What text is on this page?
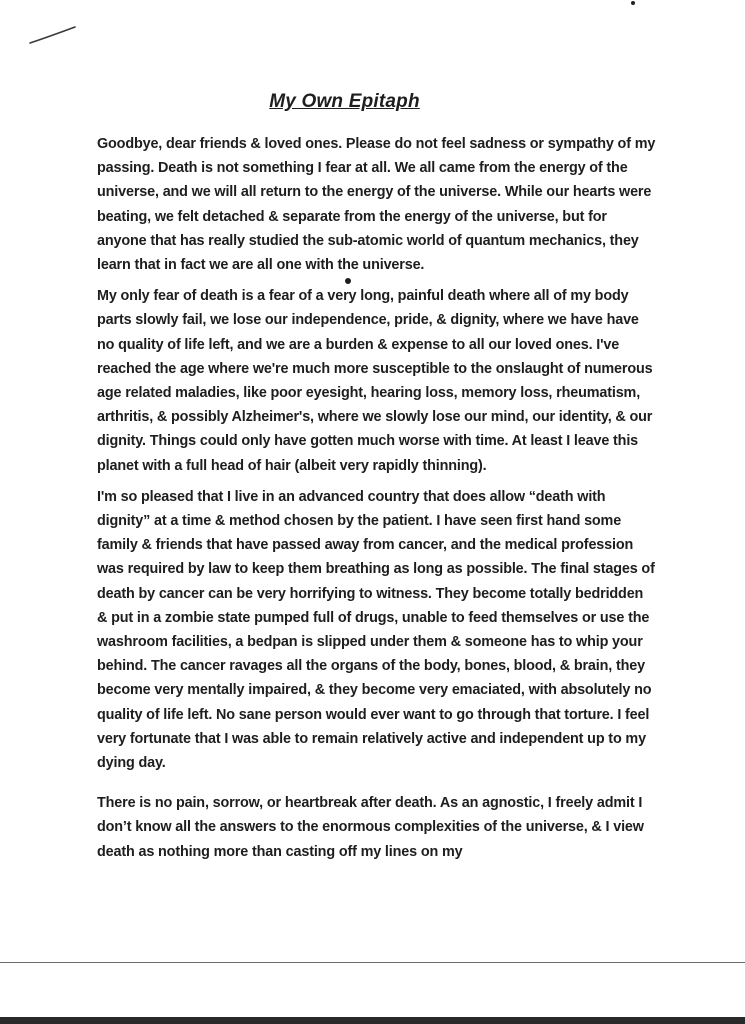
My Own Epitaph

Goodbye, dear friends & loved ones. Please do not feel sadness or sympathy of my passing. Death is not something I fear at all. We all came from the energy of the universe, and we will all return to the energy of the universe. While our hearts were beating, we felt detached & separate from the energy of the universe, but for anyone that has really studied the sub-atomic world of quantum mechanics, they learn that in fact we are all one with the universe.

My only fear of death is a fear of a very long, painful death where all of my body parts slowly fail, we lose our independence, pride, & dignity, where we have have no quality of life left, and we are a burden & expense to all our loved ones. I've reached the age where we're much more susceptible to the onslaught of numerous age related maladies, like poor eyesight, hearing loss, memory loss, rheumatism, arthritis, & possibly Alzheimer's, where we slowly lose our mind, our identity, & our dignity. Things could only have gotten much worse with time. At least I leave this planet with a full head of hair (albeit very rapidly thinning).

I'm so pleased that I live in an advanced country that does allow “death with dignity” at a time & method chosen by the patient. I have seen first hand some family & friends that have passed away from cancer, and the medical profession was required by law to keep them breathing as long as possible. The final stages of death by cancer can be very horrifying to witness. They become totally bedridden & put in a zombie state pumped full of drugs, unable to feed themselves or use the washroom facilities, a bedpan is slipped under them & someone has to whip your behind. The cancer ravages all the organs of the body, bones, blood, & brain, they become very mentally impaired, & they become very emaciated, with absolutely no quality of life left. No sane person would ever want to go through that torture. I feel very fortunate that I was able to remain relatively active and independent up to my dying day.

There is no pain, sorrow, or heartbreak after death. As an agnostic, I freely admit I don’t know all the answers to the enormous complexities of the universe, & I view death as nothing more than casting off my lines on my
